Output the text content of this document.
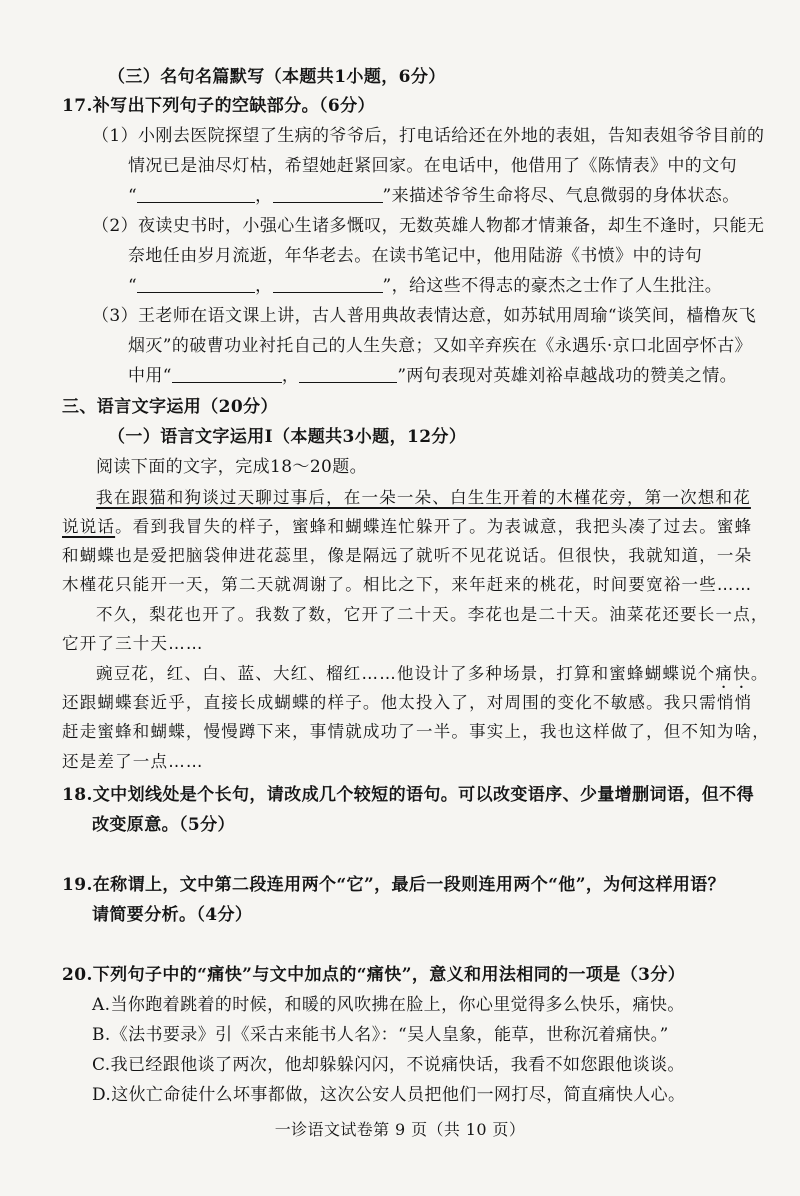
（三）名句名篇默写（本题共1小题，6分）
17.补写出下列句子的空缺部分。（6分）
（1）小刚去医院探望了生病的爷爷后，打电话给还在外地的表姐，告知表姐爷爷目前的
情况已是油尽灯枯，希望她赶紧回家。在电话中，他借用了《陈情表》中的文句
“	，	”来描述爷爷生命将尽、气息微弱的身体状态。
（2）夜读史书时，小强心生诸多慨叹，无数英雄人物都才情兼备，却生不逢时，只能无
奈地任由岁月流逝，年华老去。在读书笔记中，他用陆游《书愤》中的诗句
“	，	”，给这些不得志的豪杰之士作了人生批注。
（3）王老师在语文课上讲，古人普用典故表情达意，如苏轼用周瑜“谈笑间，樯橹灰飞
烟灭”的破曹功业衬托自己的人生失意；又如辛弃疾在《永遇乐·京口北固亭怀古》
中用“	，	”两句表现对英雄刘裕卓越战功的赞美之情。
三、语言文字运用（20分）
（一）语言文字运用Ⅰ（本题共3小题，12分）
阅读下面的文字，完成18～20题。
我在跟猫和狗谈过天聊过事后，在一朵一朵、白生生开着的木槿花旁，第一次想和花
说说话。看到我冒失的样子，蜜蜂和蝴蝶连忙躲开了。为表诚意，我把头凑了过去。蜜蜂
和蝴蝶也是爱把脑袋伸进花蕊里，像是隔远了就听不见花说话。但很快，我就知道，一朵
木槿花只能开一天，第二天就凋谢了。相比之下，来年赶来的桃花，时间要宽裕一些……
不久，梨花也开了。我数了数，它开了二十天。李花也是二十天。油菜花还要长一点，
它开了三十天……
豌豆花，红、白、蓝、大红、榴红……他设计了多种场景，打算和蜜蜂蝴蝶说个痛快。
还跟蝴蝶套近乎，直接长成蝴蝶的样子。他太投入了，对周围的变化不敏感。我只需悄悄
赶走蜜蜂和蝴蝶，慢慢蹲下来，事情就成功了一半。事实上，我也这样做了，但不知为啥，
还是差了一点……
18.文中划线处是个长句，请改成几个较短的语句。可以改变语序、少量增删词语，但不得
改变原意。（5分）
19.在称谓上，文中第二段连用两个“它”，最后一段则连用两个“他”，为何这样用语？
请简要分析。（4分）
20.下列句子中的“痛快”与文中加点的“痛快”，意义和用法相同的一项是（3分）
A.当你跑着跳着的时候，和暖的风吹拂在脸上，你心里觉得多么快乐，痛快。
B.《法书要录》引《采古来能书人名》：“吴人皇象，能草，世称沉着痛快。”
C.我已经跟他谈了两次，他却躲躲闪闪，不说痛快话，我看不如您跟他谈谈。
D.这伙亡命徒什么坏事都做，这次公安人员把他们一网打尽，简直痛快人心。
一诊语文试卷第 9 页（共 10 页）
